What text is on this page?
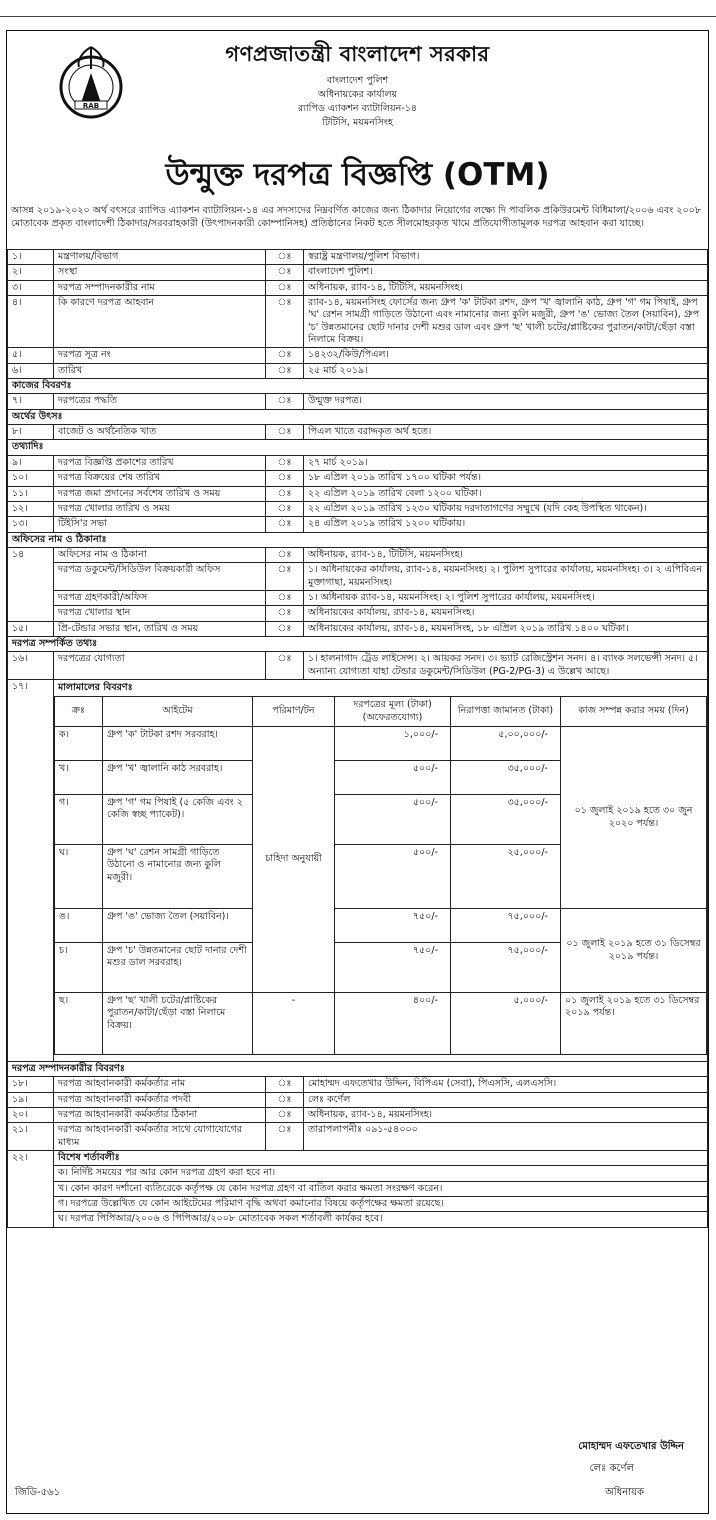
RAB
গণপ্রজাতন্ত্রী বাংলাদেশ সরকার
বাংলাদেশ পুলিশ
অধিনায়কের কার্যালয়
র‍্যাপিড এ্যাকশন ব্যাটালিয়ন-১৪
টিটিসি, ময়মনসিংহ
উন্মুক্ত দরপত্র বিজ্ঞপ্তি (OTM)
আসন্ন ২০১৯-২০২০ অর্থ বৎসরে র‍্যাপিড এ্যাকশন ব্যাটালিয়ন-১৪ এর সদস্যদের নিম্নবর্ণিত কাজের জন্য ঠিকাদার নিয়োগের লক্ষ্যে দি পাবলিক প্রকিউরমেন্ট বিধিমালা/২০০৬ এবং ২০০৮ মোতাবেক প্রকৃত বাংলাদেশী ঠিকাদার/সরবরাহকারী (উৎপাদনকারী কোম্পানিসহ) প্রতিষ্ঠানের নিকট হতে সীলমোহরকৃত খামে প্রতিযোগীতামূলক দরপত্র আহবান করা যাচ্ছে।
১।	মন্ত্রণালয়/বিভাগ	ঃ	স্বরাষ্ট্র মন্ত্রণালয়/পুলিশ বিভাগ।
২।	সংস্থা	ঃ	বাংলাদেশ পুলিশ।
৩।	দরপত্র সম্পাদনকারীর নাম	ঃ	অধিনায়ক, র‍্যাব-১৪, টিটিসি, ময়মনসিংহ।
৪।	কি কারণে দরপত্র আহবান	ঃ	র‍্যাব-১৪, ময়মনসিংহ ফোর্সের জন্য গ্রুপ 'ক' টাটকা রশদ, গ্রুপ 'খ' জ্বালানি কাঠ, গ্রুপ 'গ' গম পিষাই, গ্রুপ 'ঘ' রেশন সামগ্রী গাড়িতে উঠানো এবং নামানোর জন্য কুলি মজুরী, গ্রুপ 'ঙ' ভোজ্য তৈল (সয়াবিন), গ্রুপ 'চ' উন্নতমানের ছোট দানার দেশী মশুর ডাল এবং গ্রুপ 'ছ' খালী চটের/প্লাষ্টিকের পুরাতন/কাটা/ছেঁড়া বস্তা নিলামে বিক্রয়।
৫।	দরপত্র সূত্র নং	ঃ	১৪২৩২/কিউ/পিএল।
৬।	তারিখ	ঃ	২৫ মার্চ ২০১৯।
কাজের বিবরণঃ
৭।	দরপত্রের পদ্ধতি	ঃ	উন্মুক্ত দরপত্র।
অর্থের উৎসঃ
৮।	বাজেট ও অর্থনৈতিক খাত	ঃ	পিএল খাতে বরাদ্দকৃত অর্থ হতে।
তথ্যাদিঃ
৯।	দরপত্র বিজ্ঞপ্তি প্রকাশের তারিখ	ঃ	২৭ মার্চ ২০১৯।
১০।	দরপত্র বিক্রয়ের শেষ তারিখ	ঃ	১৮ এপ্রিল ২০১৯ তারিখ ১৭০০ ঘটিকা পর্যন্ত।
১১।	দরপত্র জমা প্রদানের সর্বশেষ তারিখ ও সময়	ঃ	২২ এপ্রিল ২০১৯ তারিখ বেলা ১২০০ ঘটিকা।
১২।	দরপত্র খোলার তারিখ ও সময়	ঃ	২২ এপ্রিল ২০১৯ তারিখ ১২৩০ ঘটিকায় দরদাতাগণের সম্মুখে (যদি কেহ উপস্থিত থাকেন)।
১৩।	টিইসি'র সভা	ঃ	২৪ এপ্রিল ২০১৯ তারিখ ১২০০ ঘটিকায়।
অফিসের নাম ও ঠিকানাঃ
১৪	অফিসের নাম ও ঠিকানা	ঃ	অধিনায়ক, র‍্যাব-১৪, টিটিসি, ময়মনসিংহ।
দরপত্র ডকুমেন্ট/সিডিউল বিক্রয়কারী অফিস	ঃ	১। অধিনায়কের কার্যালয়, র‍্যাব-১৪, ময়মনসিংহ। ২। পুলিশ সুপারের কার্যালয়, ময়মনসিংহ। ৩। ২ এপিবিএন মুক্তাগাছা, ময়মনসিংহ।
দরপত্র গ্রহণকারী/অফিস	ঃ	১। অধিনায়ক র‍্যাব-১৪, ময়মনসিংহ। ২। পুলিশ সুপারের কার্যালয়, ময়মনসিংহ।
দরপত্র খোলার স্থান	ঃ	অধিনায়কের কার্যালয়, র‍্যাব-১৪, ময়মনসিংহ।
১৫।	প্রি-টেন্ডার সভার স্থান, তারিখ ও সময়	ঃ	অধিনায়কের কার্যালয়, র‍্যাব-১৪, ময়মনসিংহ, ১৮ এপ্রিল ২০১৯ তারিখ ১৪০০ ঘটিকা।
দরপত্র সম্পর্কিত তথ্যঃ
১৬।	দরপত্রের যোগ্যতা	ঃ	১। হালনাগাদ ট্রেড লাইসেন্স। ২। আয়কর সনদ। ৩। ভ্যাট রেজিস্ট্রেশন সনদ। ৪। ব্যাংক সলভেন্সী সনদ। ৫। অন্যান্য যোগ্যতা যাহা টেন্ডার ডকুমেন্ট/সিডিউল (PG-2/PG-3) এ উল্লেখ আছে।
১৭।	মালামালের বিবরণঃ
ক্রঃ	আইটেম	পরিমাণ/টন	দরপত্রের মূল্য (টাকা) (অফেরতযোগ্য)	নিরাপত্তা জামানত (টাকা)	কাজ সম্পন্ন করার সময় (দিন)
ক।	গ্রুপ 'ক' টাটকা রশদ সরবরাহ।	চাহিদা অনুযায়ী	১,০০০/-	৫,০০,০০০/-	০১ জুলাই ২০১৯ হতে ৩০ জুন ২০২০ পর্যন্ত।
খ।	গ্রুপ 'খ' জ্বালানি কাঠ সরবরাহ।	৫০০/-	৩৫,০০০/-
গ।	গ্রুপ 'গ' গম পিষাই (৫ কেজি এবং ২ কেজি স্বচ্ছ প্যাকেট)।	৫০০/-	৩৫,০০০/-
ঘ।	গ্রুপ 'ঘ' রেশন সামগ্রী গাড়িতে উঠানো ও নামানোর জন্য কুলি মজুরী।	৫০০/-	২৫,০০০/-
ঙ।	গ্রুপ 'ঙ' ভোজ্য তৈল (সয়াবিন)।	৭৫০/-	৭৫,০০০/-	০১ জুলাই ২০১৯ হতে ৩১ ডিসেম্বর ২০১৯ পর্যন্ত।
চ।	গ্রুপ 'চ' উন্নতমানের ছোট দানার দেশী মশুর ডাল সরবরাহ।	৭৫০/-	৭৫,০০০/-
ছ।	গ্রুপ 'ছ' খালী চটের/প্লাষ্টিকের পুরাতন/কাটা/ছেঁড়া বস্তা নিলামে বিক্রয়।	-	৪০০/-	৫,০০০/-	০১ জুলাই ২০১৯ হতে ৩১ ডিসেম্বর ২০১৯ পর্যন্ত।

দরপত্র সম্পাদনকারীর বিবরণঃ
১৮।	দরপত্র আহবানকারী কর্মকর্তার নাম	ঃ	মোহাম্মদ এফতেখার উদ্দিন, বিপিএম (সেবা), পিএসসি, এলএসসি।
১৯।	দরপত্র আহবানকারী কর্মকর্তার পদবী	ঃ	লেঃ কর্ণেল
২০।	দরপত্র আহবানকারী কর্মকর্তার ঠিকানা	ঃ	অধিনায়ক, র‍্যাব-১৪, ময়মনসিংহ।
২১।	দরপত্র আহবানকারী কর্মকর্তার সাথে যোগাযোগের মাধ্যম	ঃ	তারাপলাপনীঃ ০৯১-৫৪০০০
২২।	বিশেষ শর্তাবলীঃ
ক। নির্দিষ্ট সময়ের পর আর কোন দরপত্র গ্রহণ করা হবে না।
খ। কোন কারণ দর্শানো ব্যতিরেকে কর্তৃপক্ষ যে কোন দরপত্র গ্রহণ বা বাতিল করার ক্ষমতা সংরক্ষণ করেন।
গ। দরপত্রে উল্লেখিত যে কোন আইটেমের পরিমাণ বৃদ্ধি অথবা কমানোর বিষয়ে কর্তৃপক্ষের ক্ষমতা রয়েছে।
ঘ। দরপত্র পিপিআর/২০০৬ ও পিপিআর/২০০৮ মোতাবেক সকল শর্তাবলী কার্যকর হবে।
মোহাম্মদ এফতেখার উদ্দিন
লেঃ কর্ণেল
অধিনায়ক
জিডি-৫৬১
